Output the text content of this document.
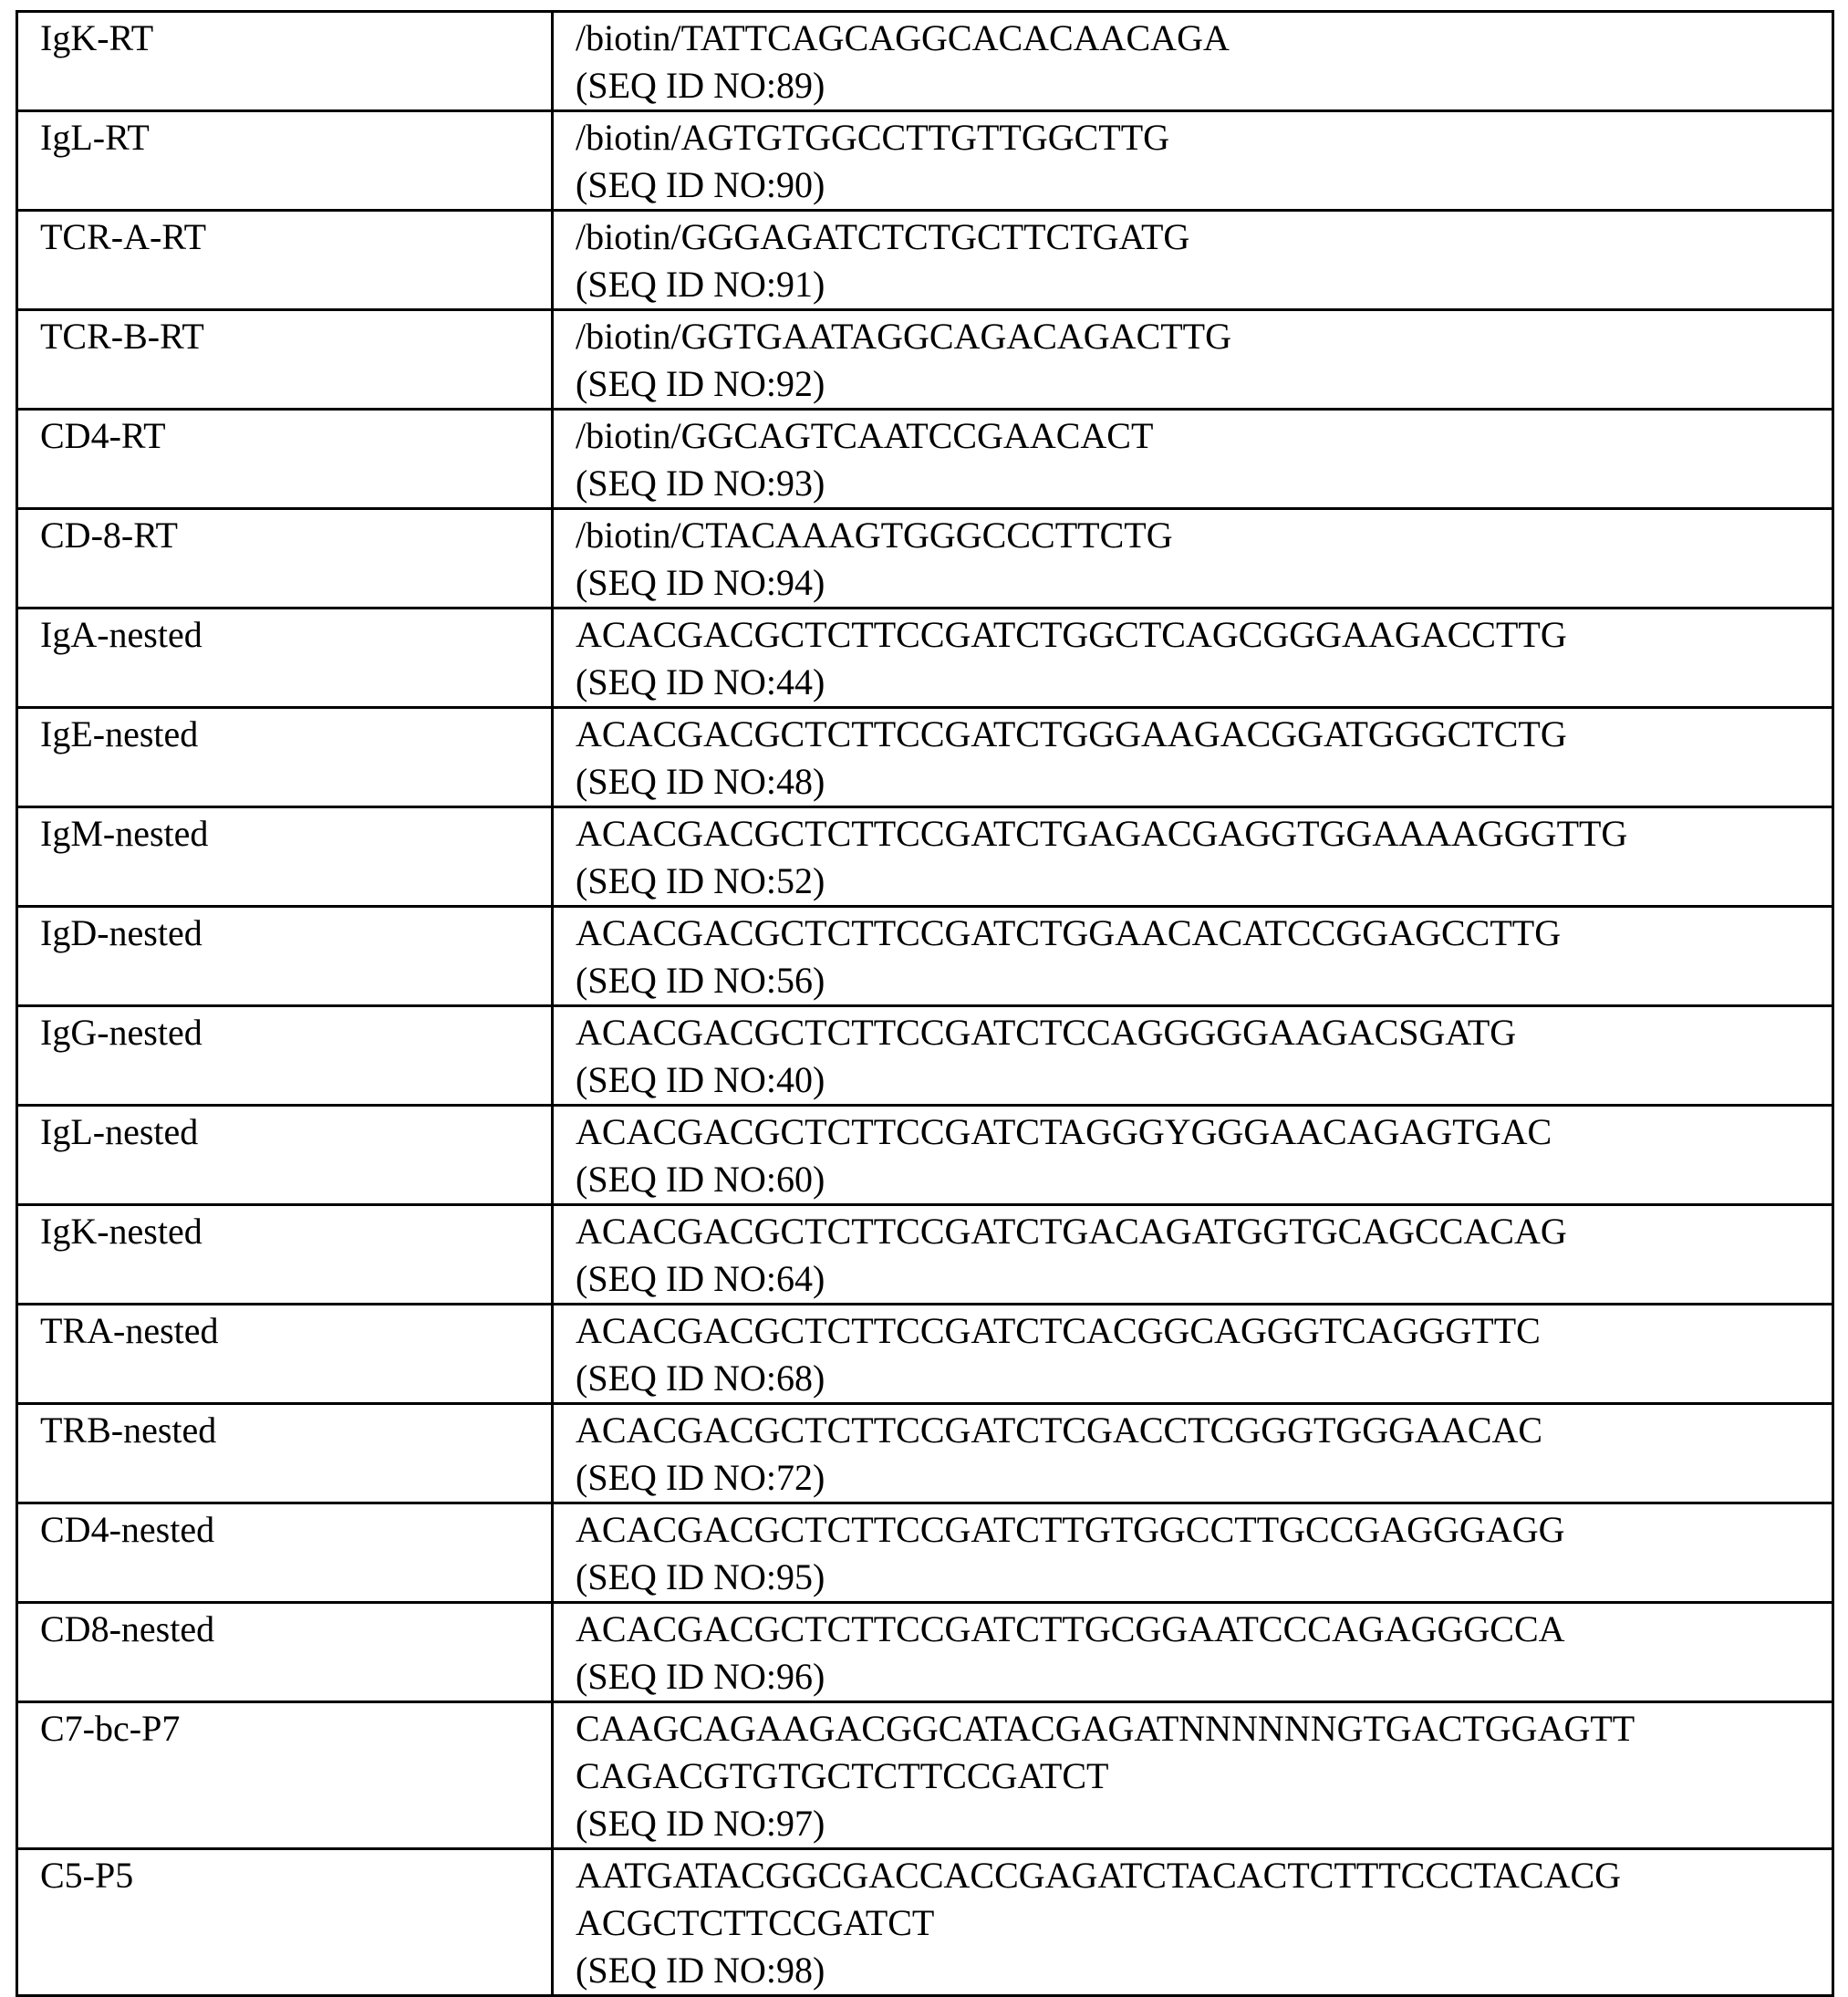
IgK-RT	/biotin/TATTCAGCAGGCACACAACAGA
(SEQ ID NO:89)

IgL-RT	/biotin/AGTGTGGCCTTGTTGGCTTG
(SEQ ID NO:90)

TCR-A-RT	/biotin/GGGAGATCTCTGCTTCTGATG
(SEQ ID NO:91)

TCR-B-RT	/biotin/GGTGAATAGGCAGACAGACTTG
(SEQ ID NO:92)

CD4-RT	/biotin/GGCAGTCAATCCGAACACT
(SEQ ID NO:93)

CD-8-RT	/biotin/CTACAAAGTGGGCCCTTCTG
(SEQ ID NO:94)

IgA-nested	ACACGACGCTCTTCCGATCTGGCTCAGCGGGAAGACCTTG
(SEQ ID NO:44)

IgE-nested	ACACGACGCTCTTCCGATCTGGGAAGACGGATGGGCTCTG
(SEQ ID NO:48)

IgM-nested	ACACGACGCTCTTCCGATCTGAGACGAGGTGGAAAAGGGTTG
(SEQ ID NO:52)

IgD-nested	ACACGACGCTCTTCCGATCTGGAACACATCCGGAGCCTTG
(SEQ ID NO:56)

IgG-nested	ACACGACGCTCTTCCGATCTCCAGGGGGAAGACSGATG
(SEQ ID NO:40)

IgL-nested	ACACGACGCTCTTCCGATCTAGGGYGGGAACAGAGTGAC
(SEQ ID NO:60)

IgK-nested	ACACGACGCTCTTCCGATCTGACAGATGGTGCAGCCACAG
(SEQ ID NO:64)

TRA-nested	ACACGACGCTCTTCCGATCTCACGGCAGGGTCAGGGTTC
(SEQ ID NO:68)

TRB-nested	ACACGACGCTCTTCCGATCTCGACCTCGGGTGGGAACAC
(SEQ ID NO:72)

CD4-nested	ACACGACGCTCTTCCGATCTTGTGGCCTTGCCGAGGGAGG
(SEQ ID NO:95)

CD8-nested	ACACGACGCTCTTCCGATCTTGCGGAATCCCAGAGGGCCA
(SEQ ID NO:96)

C7-bc-P7	CAAGCAGAAGACGGCATACGAGATNNNNNNGTGACTGGAGTT
CAGACGTGTGCTCTTCCGATCT
(SEQ ID NO:97)

C5-P5	AATGATACGGCGACCACCGAGATCTACACTCTTTCCCTACACG
ACGCTCTTCCGATCT
(SEQ ID NO:98)
